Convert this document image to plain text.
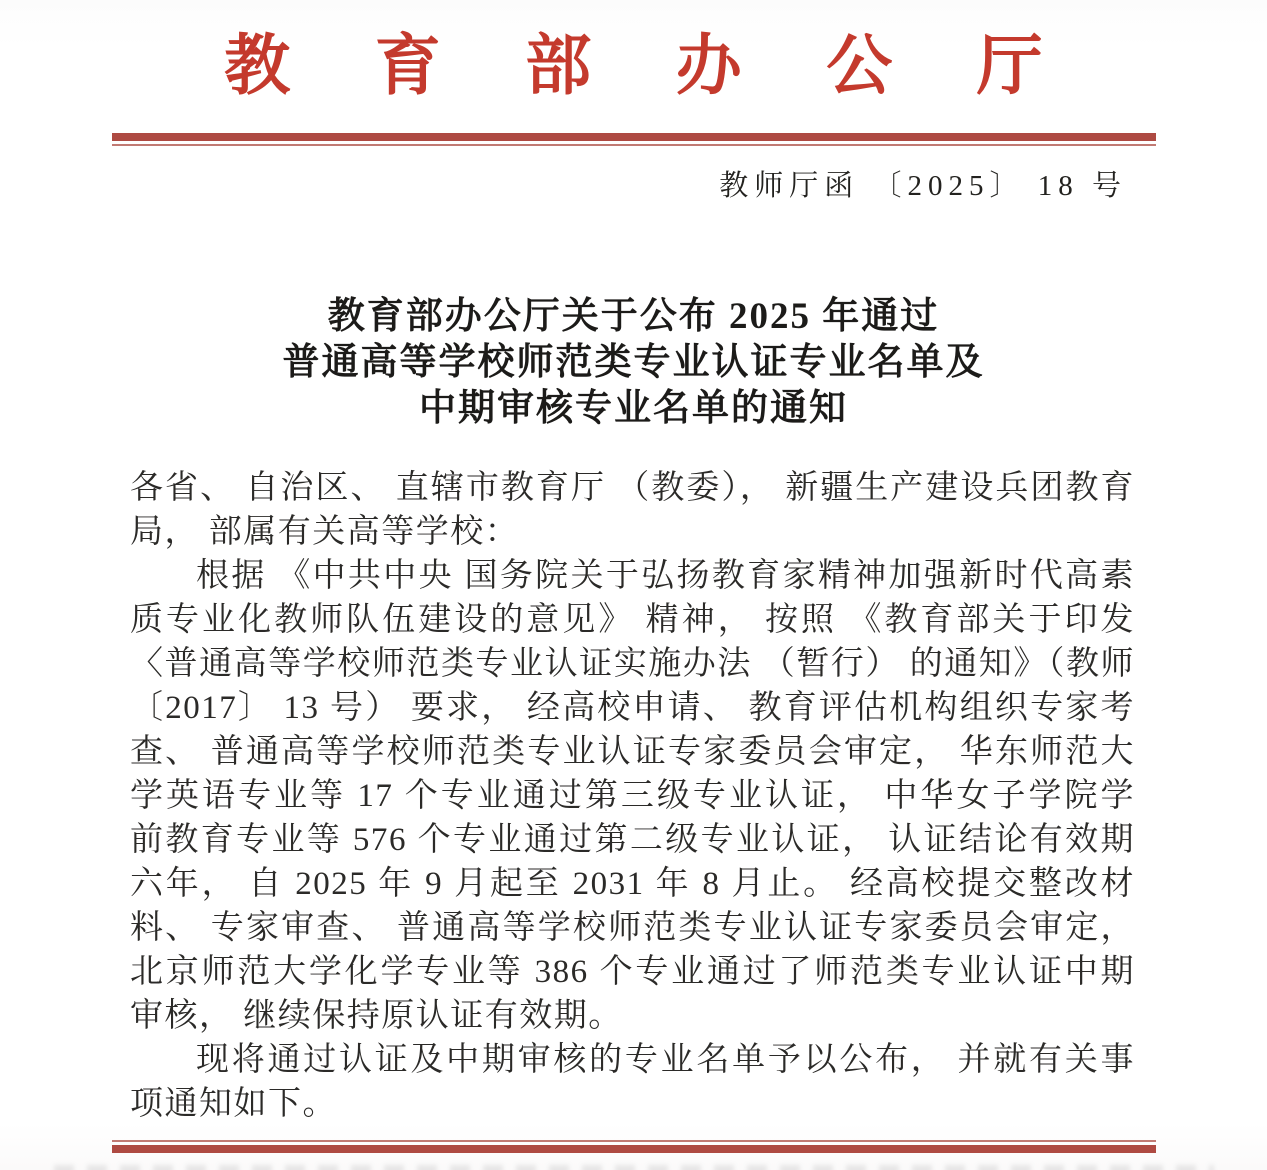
教育部办公厅
教师厅函 〔2025〕 18 号
教育部办公厅关于公布 2025 年通过
普通高等学校师范类专业认证专业名单及
中期审核专业名单的通知
各省、 自治区、 直辖市教育厅 （教委）， 新疆生产建设兵团教育
局， 部属有关高等学校：
根据 《中共中央 国务院关于弘扬教育家精神加强新时代高素
质专业化教师队伍建设的意见》 精神， 按照 《教育部关于印发
〈普通高等学校师范类专业认证实施办法 （暂行） 的通知》（教师
〔2017〕 13 号） 要求， 经高校申请、 教育评估机构组织专家考
查、 普通高等学校师范类专业认证专家委员会审定， 华东师范大
学英语专业等 17 个专业通过第三级专业认证， 中华女子学院学
前教育专业等 576 个专业通过第二级专业认证， 认证结论有效期
六年， 自 2025 年 9 月起至 2031 年 8 月止。 经高校提交整改材
料、 专家审查、 普通高等学校师范类专业认证专家委员会审定，
北京师范大学化学专业等 386 个专业通过了师范类专业认证中期
审核， 继续保持原认证有效期。
现将通过认证及中期审核的专业名单予以公布， 并就有关事
项通知如下。
